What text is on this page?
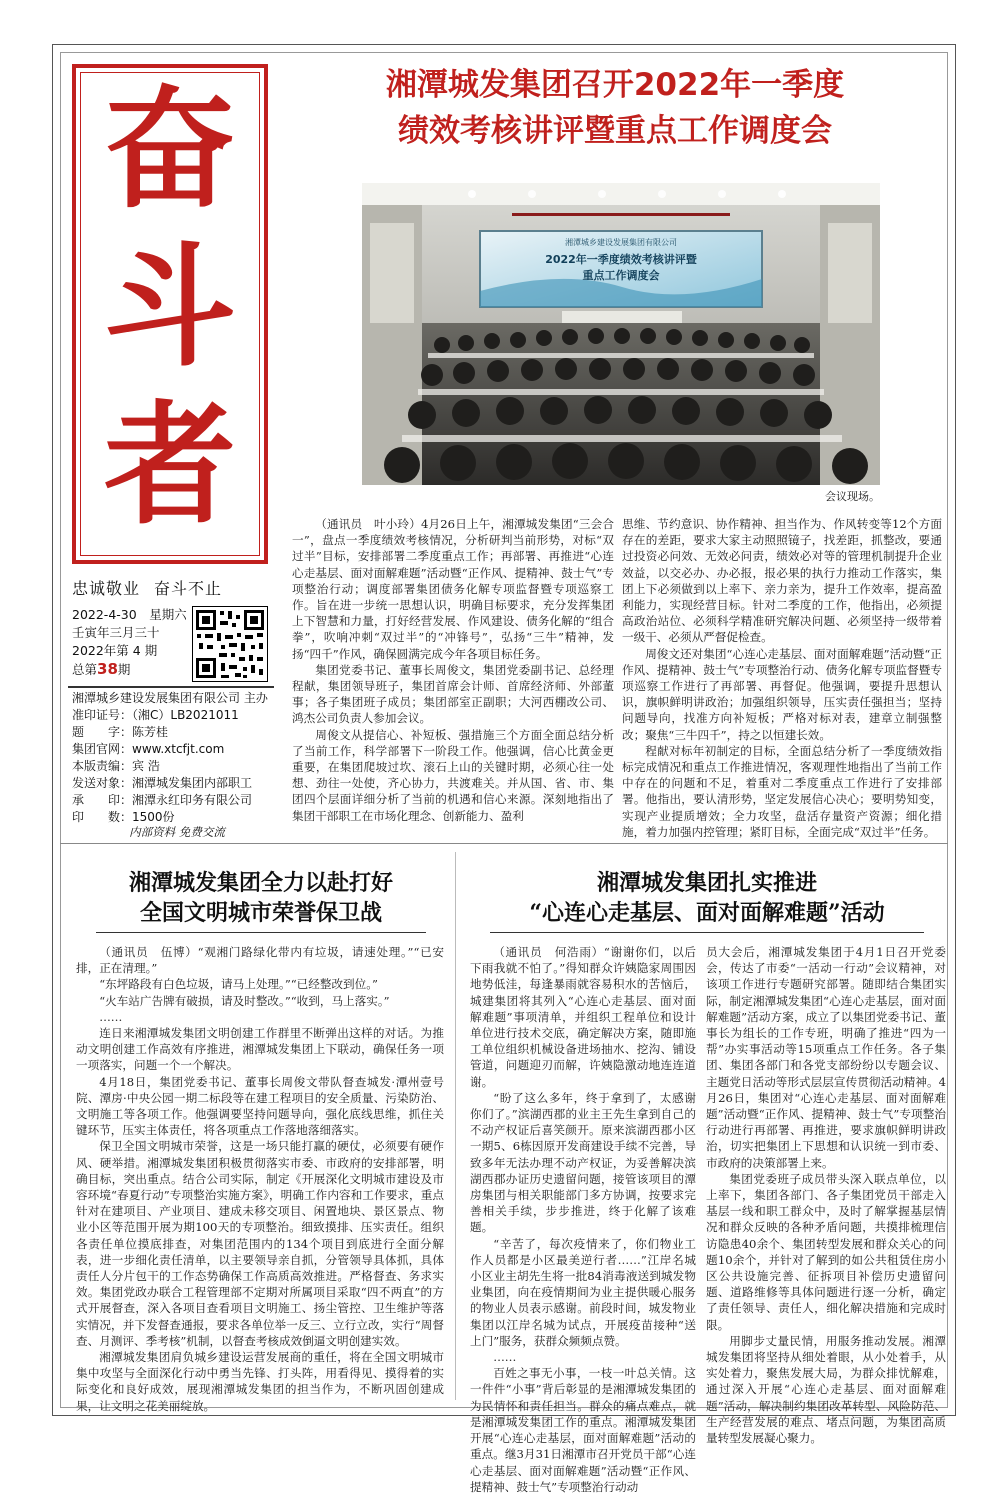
奋
斗
者
忠诚敬业 奋斗不止
2022-4-30　 星期六
壬寅年三月三十
2022年第 4 期
总第38期
湘潭城乡建设发展集团有限公司 主办
准印证号：（湘C）LB2021011
题　　字：陈芳桂
集团官网：www.xtcfjt.com
本版责编：宾 浩
发送对象：湘潭城发集团内部职工
承　　印：湘潭永红印务有限公司
印　　数：1500份
内部资料 免费交流
湘潭城发集团召开2022年一季度
绩效考核讲评暨重点工作调度会
湘潭城乡建设发展集团有限公司
2022年一季度绩效考核讲评暨
重点工作调度会
会议现场。

（通讯员　叶小玲）4月26日上午，湘潭城发集团“三会合一”，盘点一季度绩效考核情况，分析研判当前形势，对标“双过半”目标，安排部署二季度重点工作；再部署、再推进“心连心走基层、面对面解难题”活动暨“正作风、提精神、鼓士气”专项整治行动；调度部署集团债务化解专项监督暨专项巡察工作。旨在进一步统一思想认识，明确目标要求，充分发挥集团上下智慧和力量，打好经营发展、作风建设、债务化解的“组合拳”，吹响冲刺“双过半”的“冲锋号”，弘扬“三牛”精神，发扬“四千”作风，确保圆满完成今年各项目标任务。

集团党委书记、董事长周俊文，集团党委副书记、总经理程献，集团领导班子，集团首席会计师、首席经济师、外部董事；各子集团班子成员；集团部室正副职；大河西棚改公司、鸿杰公司负责人参加会议。

周俊文从提信心、补短板、强措施三个方面全面总结分析了当前工作，科学部署下一阶段工作。他强调，信心比黄金更重要，在集团爬坡过坎、滚石上山的关键时期，必须心往一处想、劲往一处使，齐心协力，共渡难关。并从国、省、市、集团四个层面详细分析了当前的机遇和信心来源。深刻地指出了集团干部职工在市场化理念、创新能力、盈利

思维、节约意识、协作精神、担当作为、作风转变等12个方面存在的差距，要求大家主动照照镜子，找差距，抓整改，要通过投资必问效、无效必问责，绩效必对等的管理机制提升企业效益，以交必办、办必报，报必果的执行力推动工作落实，集团上下必须做到以上率下、亲力亲为，提升工作效率，提高盈利能力，实现经营目标。针对二季度的工作，他指出，必须提高政治站位、必须科学精准研究解决问题、必须坚持一级带着一级干、必须从严督促检查。

周俊文还对集团“心连心走基层、面对面解难题”活动暨“正作风、提精神、鼓士气”专项整治行动、债务化解专项监督暨专项巡察工作进行了再部署、再督促。他强调，要提升思想认识，旗帜鲜明讲政治；加强组织领导，压实责任强担当；坚持问题导向，找准方向补短板；严格对标对表，建章立制强整改；聚焦“三牛四千”，持之以恒建长效。

程献对标年初制定的目标，全面总结分析了一季度绩效指标完成情况和重点工作推进情况，客观理性地指出了当前工作中存在的问题和不足，着重对二季度重点工作进行了安排部署。他指出，要认清形势，坚定发展信心决心；要明势知变，实现产业提质增效；全力攻坚，盘活存量资产资源；细化措施，着力加强内控管理；紧盯目标，全面完成“双过半”任务。

湘潭城发集团全力以赴打好
全国文明城市荣誉保卫战

（通讯员　伍博）“观湘门路绿化带内有垃圾，请速处理。”“已安排，正在清理。”

“东坪路段有白色垃圾，请马上处理。”“已经整改到位。”

“火车站广告牌有破损，请及时整改。”“收到，马上落实。”

……

连日来湘潭城发集团文明创建工作群里不断弹出这样的对话。为推动文明创建工作高效有序推进，湘潭城发集团上下联动，确保任务一项一项落实，问题一个一个解决。

4月18日，集团党委书记、董事长周俊文带队督查城发·潭州壹号院、潭房·中央公园一期二标段等在建工程项目的安全质量、污染防治、文明施工等各项工作。他强调要坚持问题导向，强化底线思维，抓住关键环节，压实主体责任，将各项重点工作落地落细落实。

保卫全国文明城市荣誉，这是一场只能打赢的硬仗，必须要有硬作风、硬举措。湘潭城发集团积极贯彻落实市委、市政府的安排部署，明确目标，突出重点。结合公司实际，制定《开展深化文明城市建设及市容环境“春夏行动”专项整治实施方案》，明确工作内容和工作要求，重点针对在建项目、产业项目、建成未移交项目、闲置地块、景区景点、物业小区等范围开展为期100天的专项整治。细致摸排、压实责任。组织各责任单位摸底排查，对集团范围内的134个项目到底进行全面分解表，进一步细化责任清单，以主要领导亲自抓，分管领导具体抓，具体责任人分片包干的工作态势确保工作高质高效推进。严格督查、务求实效。集团党政办联合工程管理部不定期对所属项目采取“四不两直”的方式开展督查，深入各项目查看项目文明施工、扬尘管控、卫生维护等落实情况，并下发督查通报，要求各单位举一反三、立行立改，实行“周督查、月测评、季考核”机制，以督查考核成效倒逼文明创建实效。

湘潭城发集团肩负城乡建设运营发展商的重任，将在全国文明城市集中攻坚与全面深化行动中勇当先锋、打头阵，用看得见、摸得着的实际变化和良好成效，展现湘潭城发集团的担当作为，不断巩固创建成果，让文明之花美丽绽放。

湘潭城发集团扎实推进
“心连心走基层、面对面解难题”活动

（通讯员　何浩雨）“谢谢你们，以后下雨我就不怕了。”得知群众许姨隐家周围因地势低洼，每逢暴雨就容易积水的苦恼后，城建集团将其列入“心连心走基层、面对面解难题”事项清单，并组织工程单位和设计单位进行技术交底，确定解决方案，随即施工单位组织机械设备进场抽水、挖沟、铺设管道，问题迎刃而解，许姨隐激动地连连道谢。

“盼了这么多年，终于拿到了，太感谢你们了。”滨湖西郡的业主王先生拿到自己的不动产权证后喜笑颜开。原来滨湖西郡小区一期5、6栋因原开发商建设手续不完善，导致多年无法办理不动产权证，为妥善解决滨湖西郡办证历史遗留问题，接管该项目的潭房集团与相关职能部门多方协调，按要求完善相关手续，步步推进，终于化解了该难题。

“辛苦了，每次疫情来了，你们物业工作人员都是小区最美逆行者……”江岸名城小区业主胡先生将一批84消毒液送到城发物业集团，向在疫情期间为业主提供暖心服务的物业人员表示感谢。前段时间，城发物业集团以江岸名城为试点，开展疫苗接种“送上门”服务，获群众频频点赞。

……

百姓之事无小事，一枝一叶总关情。这一件件“小事”背后彰显的是湘潭城发集团的为民情怀和责任担当。群众的痛点难点，就是湘潭城发集团工作的重点。湘潭城发集团开展“心连心走基层，面对面解难题”活动的重点。继3月31日湘潭市召开党员干部“心连心走基层、面对面解难题”活动暨“正作风、提精神、鼓士气”专项整治行动动

员大会后，湘潭城发集团于4月1日召开党委会，传达了市委“一活动一行动”会议精神，对该项工作进行专题研究部署。随即结合集团实际，制定湘潭城发集团“心连心走基层，面对面解难题”活动方案，成立了以集团党委书记、董事长为组长的工作专班，明确了推进“四为一帮”办实事活动等15项重点工作任务。各子集团、集团各部门和各党支部纷纷以专题会议、主题党日活动等形式层层宣传贯彻活动精神。4月26日，集团对“心连心走基层、面对面解难题”活动暨“正作风、提精神、鼓士气”专项整治行动进行再部署、再推进，要求旗帜鲜明讲政治，切实把集团上下思想和认识统一到市委、市政府的决策部署上来。

集团党委班子成员带头深入联点单位，以上率下，集团各部门、各子集团党员干部走入基层一线和职工群众中，及时了解掌握基层情况和群众反映的各种矛盾问题，共摸排梳理信访隐患40余个、集团转型发展和群众关心的问题10余个，并针对了解到的如公共租赁住房小区公共设施完善、征拆项目补偿历史遗留问题、道路维修等具体问题进行逐一分析，确定了责任领导、责任人，细化解决措施和完成时限。

用脚步丈量民情，用服务推动发展。湘潭城发集团将坚持从细处着眼，从小处着手，从实处着力，聚焦发展大局，为群众排忧解难，通过深入开展“心连心走基层、面对面解难题”活动，解决制约集团改革转型、风险防范、生产经营发展的难点、堵点问题，为集团高质量转型发展凝心聚力。
